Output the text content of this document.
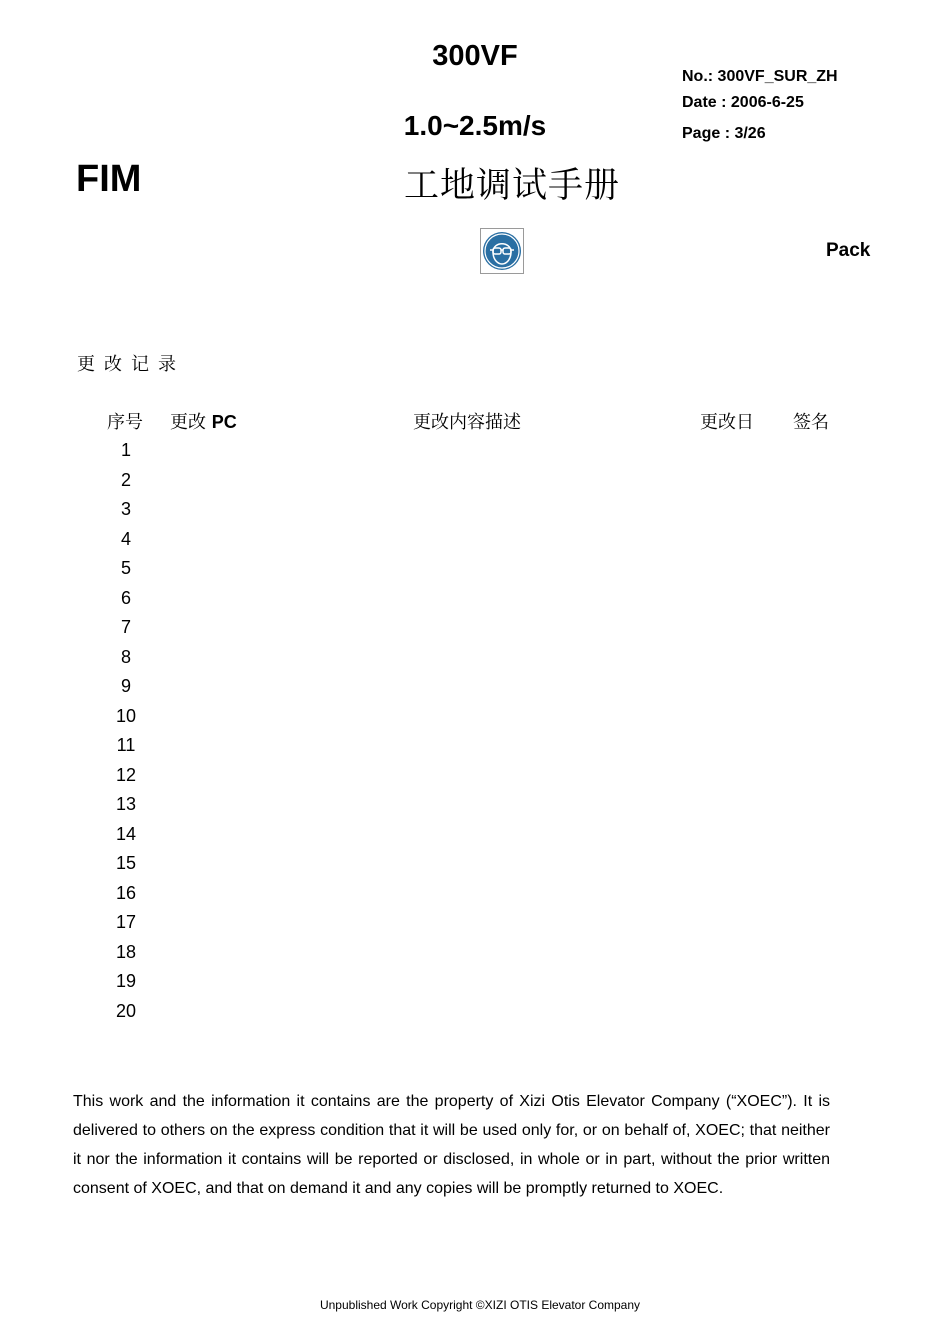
300VF
1.0~2.5m/s
No.: 300VF_SUR_ZH
Date : 2006-6-25
Page : 3/26
FIM	工地调试手册
Pack
更改记录
序号 更改 PC	更改内容描述	更改日 签名
1
2
3
4
5
6
7
8
9
10
11
12
13
14
15
16
17
18
19
20
This work and the information it contains are the property of Xizi Otis Elevator Company (“XOEC”). It is delivered to others on the express condition that it will be used only for, or on behalf of, XOEC; that neither it nor the information it contains will be reported or disclosed, in whole or in part, without the prior written consent of XOEC, and that on demand it and any copies will be promptly returned to XOEC.
Unpublished Work Copyright ©XIZI OTIS Elevator Company
